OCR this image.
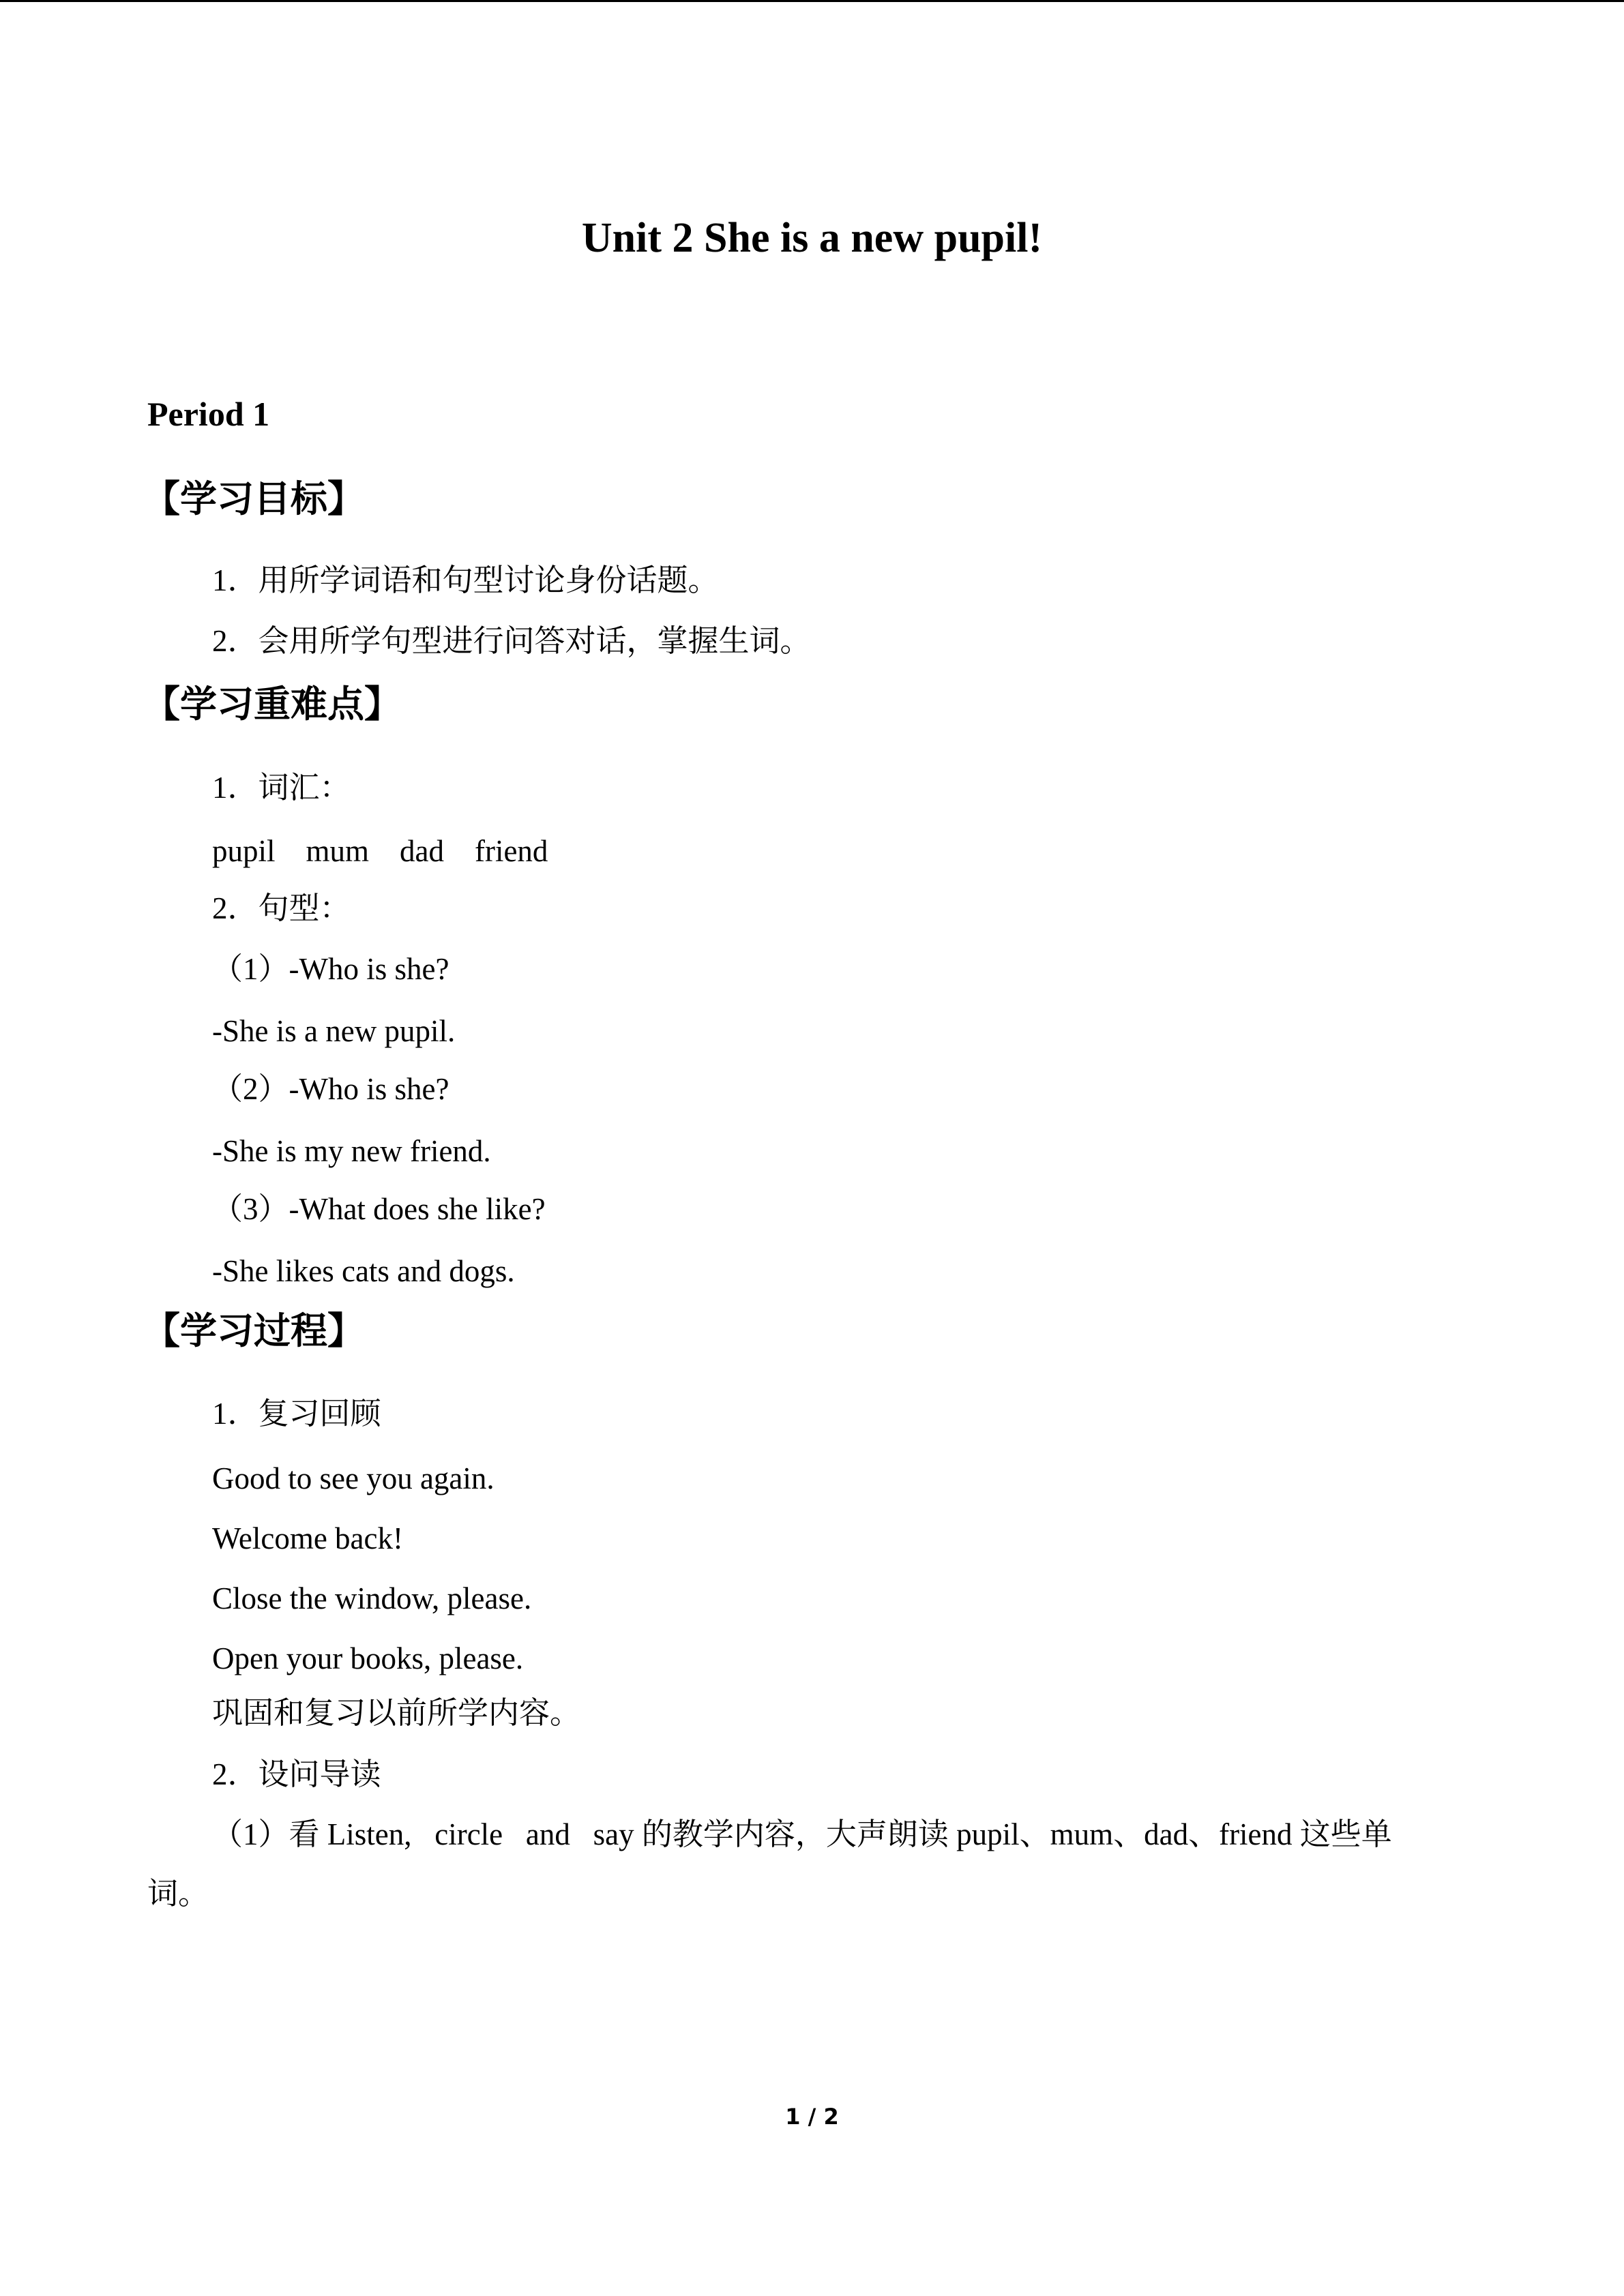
Unit 2 She is a new pupil!
Period 1
【学习目标】
1．用所学词语和句型讨论身份话题。
2．会用所学句型进行问答对话，掌握生词。
【学习重难点】
1．词汇：
pupil    mum    dad    friend
2．句型：
（1）-Who is she?
-She is a new pupil.
（2）-Who is she?
-She is my new friend.
（3）-What does she like?
-She likes cats and dogs.
【学习过程】
1．复习回顾
Good to see you again.
Welcome back!
Close the window, please.
Open your books, please.
巩固和复习以前所学内容。
2．设问导读
（1）看 Listen,   circle   and   say 的教学内容，大声朗读 pupil、mum、dad、friend 这些单
词。
1 / 2
